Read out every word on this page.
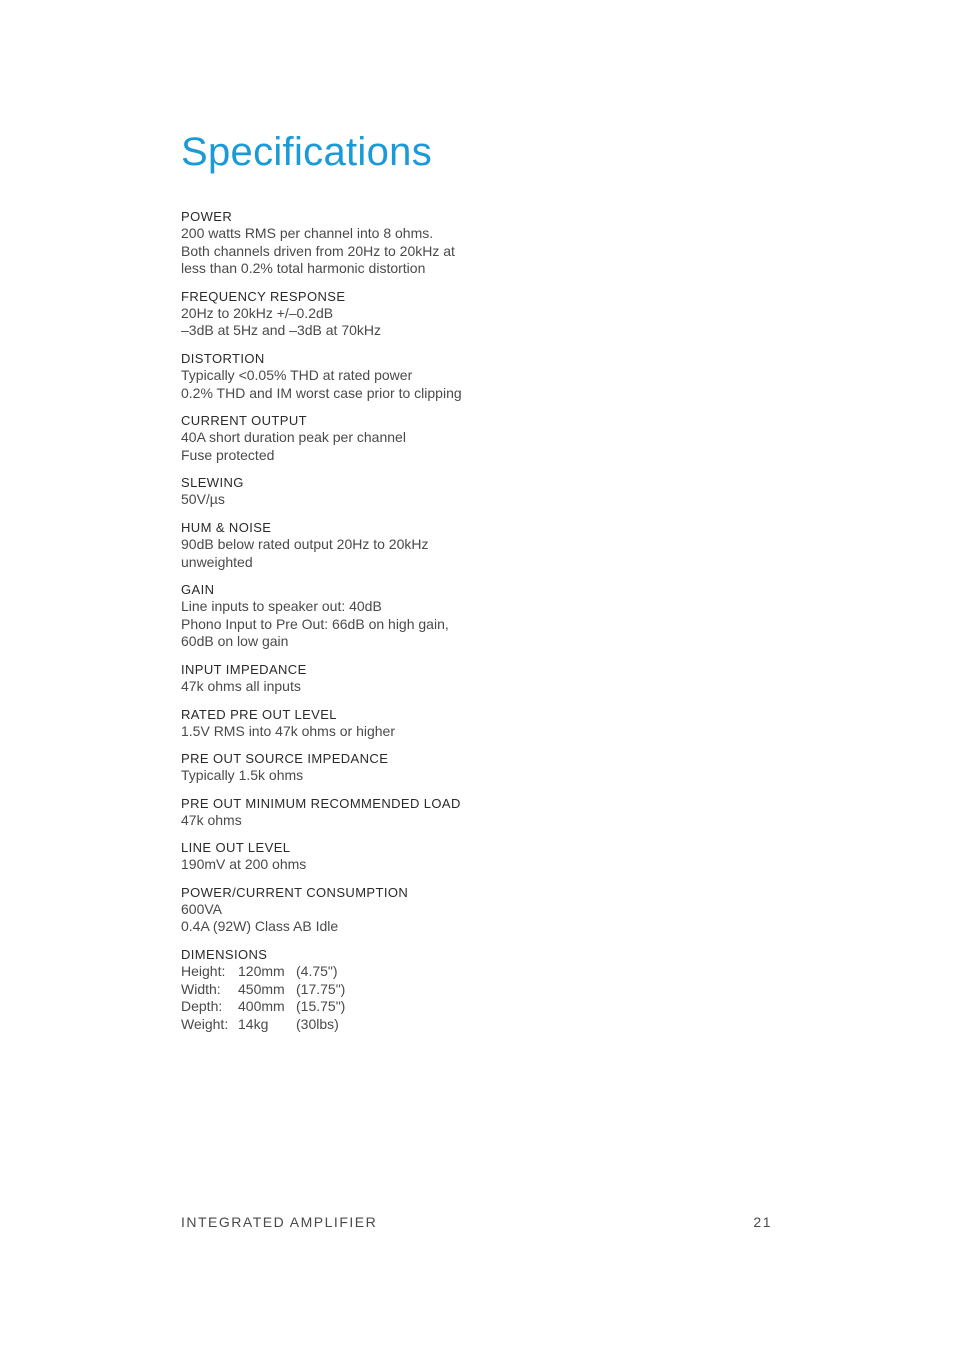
Specifications
POWER
200 watts RMS per channel into 8 ohms.
Both channels driven from 20Hz to 20kHz at
less than 0.2% total harmonic distortion
FREQUENCY RESPONSE
20Hz to 20kHz +/–0.2dB
–3dB at 5Hz and –3dB at 70kHz
DISTORTION
Typically <0.05% THD at rated power
0.2% THD and IM worst case prior to clipping
CURRENT OUTPUT
40A short duration peak per channel
Fuse protected
SLEWING
50V/µs
HUM & NOISE
90dB below rated output 20Hz to 20kHz
unweighted
GAIN
Line inputs to speaker out: 40dB
Phono Input to Pre Out: 66dB on high gain,
60dB on low gain
INPUT IMPEDANCE
47k ohms all inputs
RATED PRE OUT LEVEL
1.5V RMS into 47k ohms or higher
PRE OUT SOURCE IMPEDANCE
Typically 1.5k ohms
PRE OUT MINIMUM RECOMMENDED LOAD
47k ohms
LINE OUT LEVEL
190mV at 200 ohms
POWER/CURRENT CONSUMPTION
600VA
0.4A (92W) Class AB Idle
DIMENSIONS
Height:	120mm	(4.75")
Width:	450mm	(17.75")
Depth:	400mm	(15.75")
Weight:	14kg	(30lbs)
INTEGRATED AMPLIFIER	21
